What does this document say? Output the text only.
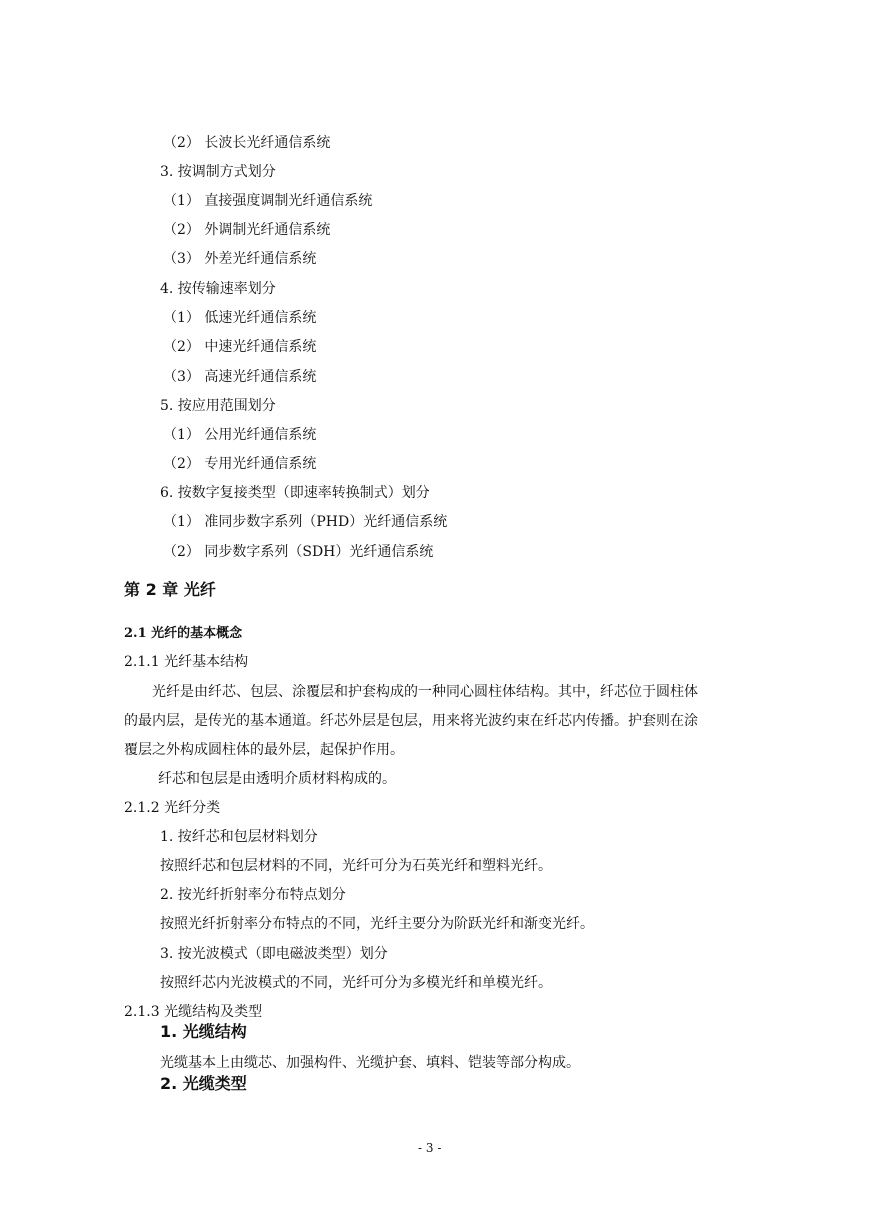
（2） 长波长光纤通信系统
3. 按调制方式划分
（1） 直接强度调制光纤通信系统
（2） 外调制光纤通信系统
（3） 外差光纤通信系统
4. 按传输速率划分
（1） 低速光纤通信系统
（2） 中速光纤通信系统
（3） 高速光纤通信系统
5. 按应用范围划分
（1） 公用光纤通信系统
（2） 专用光纤通信系统
6. 按数字复接类型（即速率转换制式）划分
（1） 准同步数字系列（PHD）光纤通信系统
（2） 同步数字系列（SDH）光纤通信系统
第 2 章 光纤
2.1 光纤的基本概念
2.1.1 光纤基本结构
光纤是由纤芯、包层、涂覆层和护套构成的一种同心圆柱体结构。其中，纤芯位于圆柱体
的最内层，是传光的基本通道。纤芯外层是包层，用来将光波约束在纤芯内传播。护套则在涂
覆层之外构成圆柱体的最外层，起保护作用。
纤芯和包层是由透明介质材料构成的。
2.1.2 光纤分类
1. 按纤芯和包层材料划分
按照纤芯和包层材料的不同，光纤可分为石英光纤和塑料光纤。
2. 按光纤折射率分布特点划分
按照光纤折射率分布特点的不同，光纤主要分为阶跃光纤和渐变光纤。
3. 按光波模式（即电磁波类型）划分
按照纤芯内光波模式的不同，光纤可分为多模光纤和单模光纤。
2.1.3 光缆结构及类型
1. 光缆结构
光缆基本上由缆芯、加强构件、光缆护套、填料、铠装等部分构成。
2. 光缆类型
- 3 -
